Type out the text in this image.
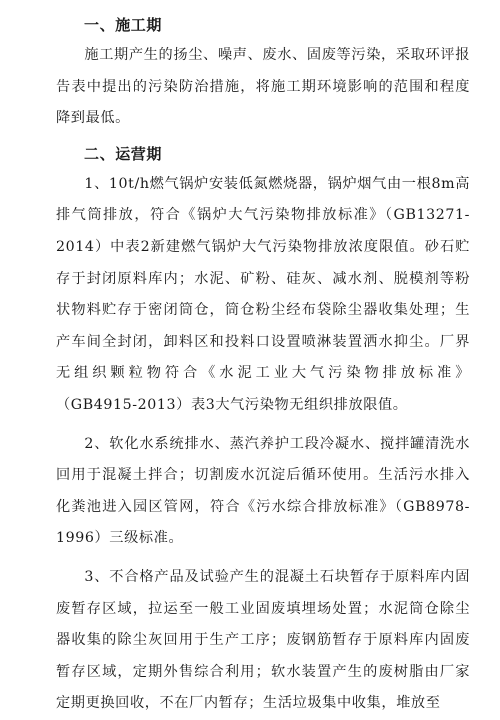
一、施工期

施工期产生的扬尘、噪声、废水、固废等污染，采取环评报告表中提出的污染防治措施，将施工期环境影响的范围和程度降到最低。

二、运营期

1、10t/h燃气锅炉安装低氮燃烧器，锅炉烟气由一根8m高排气筒排放，符合《锅炉大气污染物排放标准》（GB13271-2014）中表2新建燃气锅炉大气污染物排放浓度限值。砂石贮存于封闭原料库内；水泥、矿粉、硅灰、减水剂、脱模剂等粉状物料贮存于密闭筒仓，筒仓粉尘经布袋除尘器收集处理；生产车间全封闭，卸料区和投料口设置喷淋装置洒水抑尘。厂界无组织颗粒物符合《水泥工业大气污染物排放标准》（GB4915-2013）表3大气污染物无组织排放限值。

2、软化水系统排水、蒸汽养护工段冷凝水、搅拌罐清洗水回用于混凝土拌合；切割废水沉淀后循环使用。生活污水排入化粪池进入园区管网，符合《污水综合排放标准》（GB8978-1996）三级标准。

3、不合格产品及试验产生的混凝土石块暂存于原料库内固废暂存区域，拉运至一般工业固废填埋场处置；水泥筒仓除尘器收集的除尘灰回用于生产工序；废钢筋暂存于原料库内固废暂存区域，定期外售综合利用；软水装置产生的废树脂由厂家定期更换回收，不在厂内暂存；生活垃圾集中收集，堆放至
